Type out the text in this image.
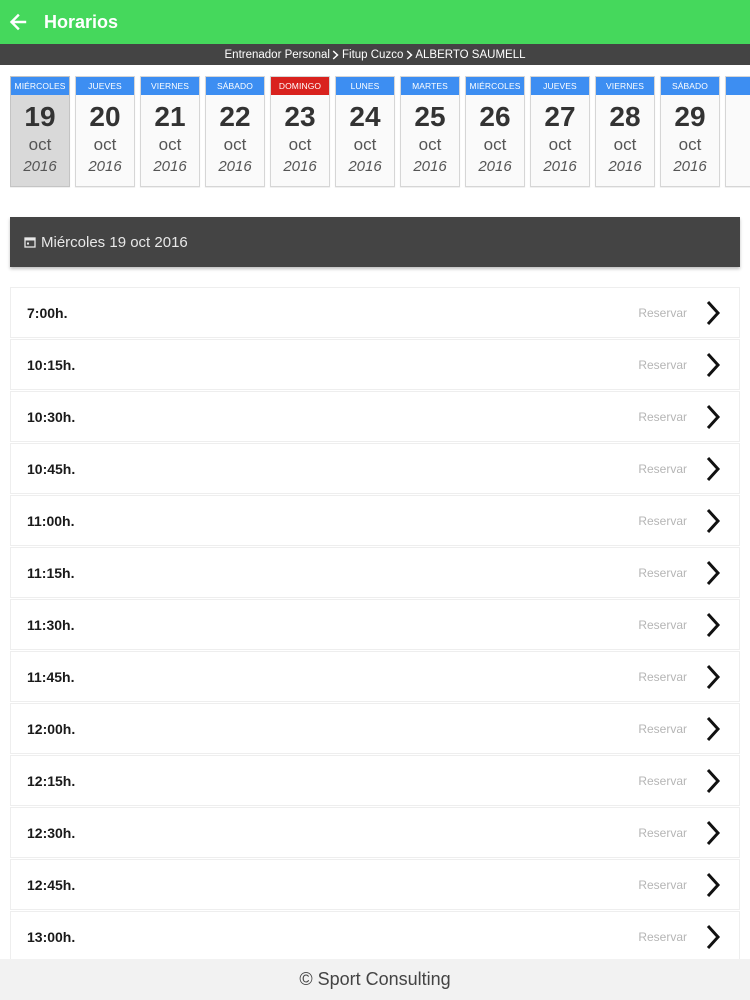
Horarios
Entrenador Personal Fitup Cuzco ALBERTO SAUMELL
MIÉRCOLES
19
oct
2016
JUEVES
20
oct
2016
VIERNES
21
oct
2016
SÁBADO
22
oct
2016
DOMINGO
23
oct
2016
LUNES
24
oct
2016
MARTES
25
oct
2016
MIÉRCOLES
26
oct
2016
JUEVES
27
oct
2016
VIERNES
28
oct
2016
SÁBADO
29
oct
2016
Miércoles 19 oct 2016
7:00h.	Reservar
10:15h.	Reservar
10:30h.	Reservar
10:45h.	Reservar
11:00h.	Reservar
11:15h.	Reservar
11:30h.	Reservar
11:45h.	Reservar
12:00h.	Reservar
12:15h.	Reservar
12:30h.	Reservar
12:45h.	Reservar
13:00h.	Reservar
© Sport Consulting
